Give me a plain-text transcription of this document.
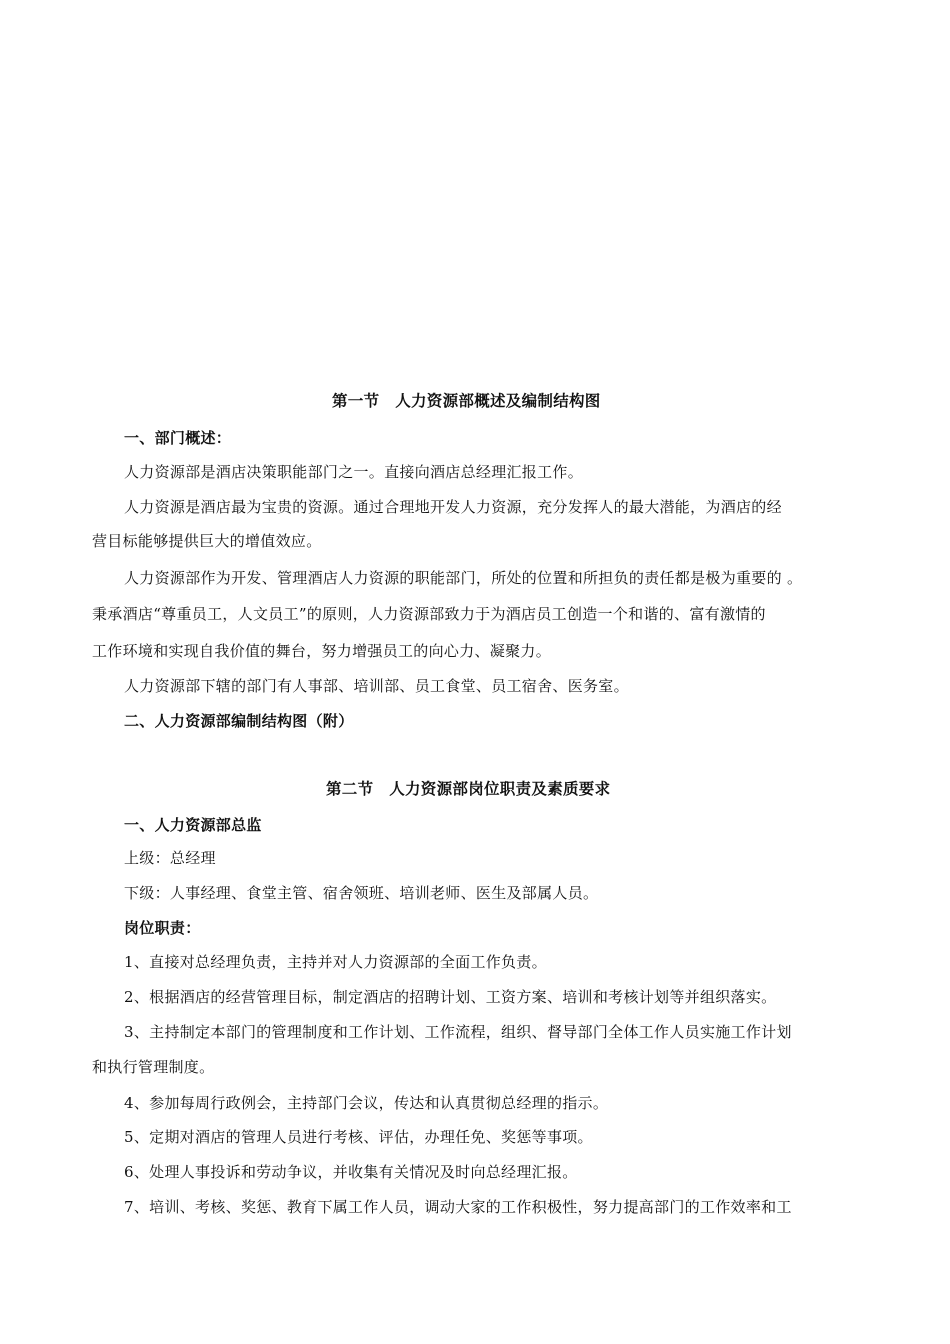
第一节　人力资源部概述及编制结构图
一、部门概述：
人力资源部是酒店决策职能部门之一。直接向酒店总经理汇报工作。
人力资源是酒店最为宝贵的资源。通过合理地开发人力资源，充分发挥人的最大潜能，为酒店的经
营目标能够提供巨大的增值效应。
人力资源部作为开发、管理酒店人力资源的职能部门，所处的位置和所担负的责任都是极为重要的 。
秉承酒店“尊重员工，人文员工”的原则，人力资源部致力于为酒店员工创造一个和谐的、富有激情的
工作环境和实现自我价值的舞台，努力增强员工的向心力、凝聚力。
人力资源部下辖的部门有人事部、培训部、员工食堂、员工宿舍、医务室。
二、人力资源部编制结构图（附）
第二节　人力资源部岗位职责及素质要求
一、人力资源部总监
上级：总经理
下级：人事经理、食堂主管、宿舍领班、培训老师、医生及部属人员。
岗位职责：
1、直接对总经理负责，主持并对人力资源部的全面工作负责。
2、根据酒店的经营管理目标，制定酒店的招聘计划、工资方案、培训和考核计划等并组织落实。
3、主持制定本部门的管理制度和工作计划、工作流程，组织、督导部门全体工作人员实施工作计划
和执行管理制度。
4、参加每周行政例会，主持部门会议，传达和认真贯彻总经理的指示。
5、定期对酒店的管理人员进行考核、评估，办理任免、奖惩等事项。
6、处理人事投诉和劳动争议，并收集有关情况及时向总经理汇报。
7、培训、考核、奖惩、教育下属工作人员，调动大家的工作积极性，努力提高部门的工作效率和工
